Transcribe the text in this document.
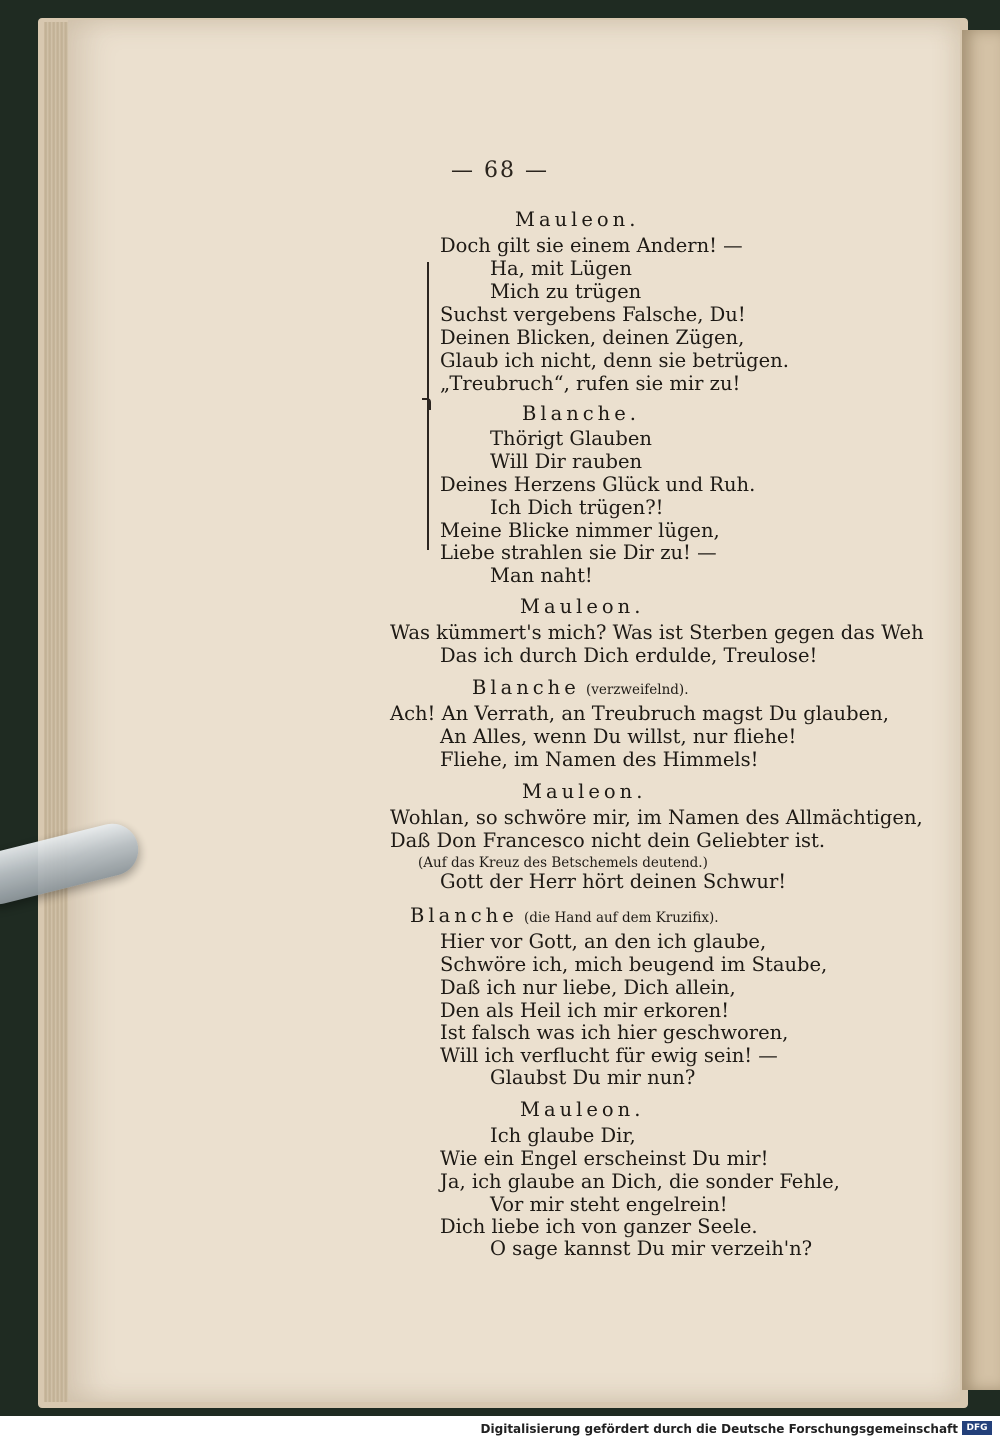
— 68 —
Mauleon.
Doch gilt sie einem Andern! —
Ha, mit Lügen
Mich zu trügen
Suchst vergebens Falsche, Du!
Deinen Blicken, deinen Zügen,
Glaub ich nicht, denn sie betrügen.
„Treubruch“, rufen sie mir zu!
Blanche.
Thörigt Glauben
Will Dir rauben
Deines Herzens Glück und Ruh.
Ich Dich trügen?!
Meine Blicke nimmer lügen,
Liebe strahlen sie Dir zu! —
Man naht!
Mauleon.
Was kümmert's mich? Was ist Sterben gegen das Weh
Das ich durch Dich erdulde, Treulose!
Blanche (verzweifelnd).
Ach! An Verrath, an Treubruch magst Du glauben,
An Alles, wenn Du willst, nur fliehe!
Fliehe, im Namen des Himmels!
Mauleon.
Wohlan, so schwöre mir, im Namen des Allmächtigen,
Daß Don Francesco nicht dein Geliebter ist.
(Auf das Kreuz des Betschemels deutend.)
Gott der Herr hört deinen Schwur!
Blanche (die Hand auf dem Kruzifix).
Hier vor Gott, an den ich glaube,
Schwöre ich, mich beugend im Staube,
Daß ich nur liebe, Dich allein,
Den als Heil ich mir erkoren!
Ist falsch was ich hier geschworen,
Will ich verflucht für ewig sein! —
Glaubst Du mir nun?
Mauleon.
Ich glaube Dir,
Wie ein Engel erscheinst Du mir!
Ja, ich glaube an Dich, die sonder Fehle,
Vor mir steht engelrein!
Dich liebe ich von ganzer Seele.
O sage kannst Du mir verzeih'n?
Digitalisierung gefördert durch die Deutsche Forschungsgemeinschaft DFG
